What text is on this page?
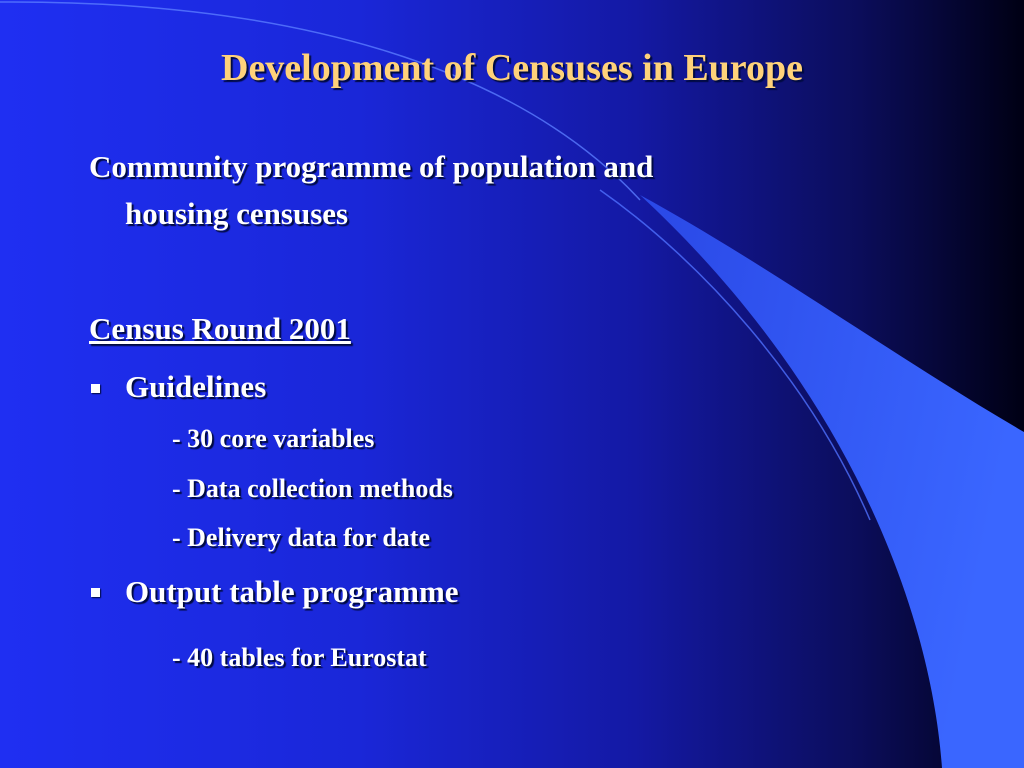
Development of Censuses in Europe
Community programme of population and
housing censuses
Census Round 2001
Guidelines
- 30 core variables
- Data collection methods
- Delivery data for date
Output table programme
- 40 tables for Eurostat
